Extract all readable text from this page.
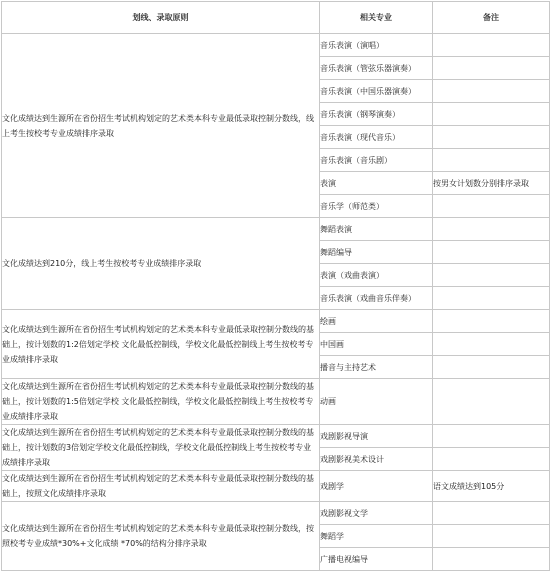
划线、录取原则	相关专业	备注
文化成绩达到生源所在省份招生考试机构划定的艺术类本科专业最低录取控制分数线，线上考生按校考专业成绩排序录取	音乐表演（演唱）	
	音乐表演（管弦乐器演奏）	
	音乐表演（中国乐器演奏）	
	音乐表演（钢琴演奏）	
	音乐表演（现代音乐）	
	音乐表演（音乐剧）	
	表演	按男女计划数分别排序录取
	音乐学（师范类）	
文化成绩达到210分，线上考生按校考专业成绩排序录取	舞蹈表演	
	舞蹈编导	
	表演（戏曲表演）	
	音乐表演（戏曲音乐伴奏）	
文化成绩达到生源所在省份招生考试机构划定的艺术类本科专业最低录取控制分数线的基础上，按计划数的1:2倍划定学校 文化最低控制线，学校文化最低控制线上考生按校考专业成绩排序录取	绘画	
	中国画	
	播音与主持艺术	
文化成绩达到生源所在省份招生考试机构划定的艺术类本科专业最低录取控制分数线的基础上，按计划数的1:5倍划定学校 文化最低控制线，学校文化最低控制线上考生按校考专业成绩排序录取	动画	
文化成绩达到生源所在省份招生考试机构划定的艺术类本科专业最低录取控制分数线的基础上，按计划数的3倍划定学校文化最低控制线，学校文化最低控制线上考生按校考专业成绩排序录取	戏剧影视导演	
	戏剧影视美术设计	
文化成绩达到生源所在省份招生考试机构划定的艺术类本科专业最低录取控制分数线的基础上，按照文化成绩排序录取	戏剧学	语文成绩达到105分
文化成绩达到生源所在省份招生考试机构划定的艺术类本科专业最低录取控制分数线，按照校考专业成绩*30%+文化成绩 *70%的结构分排序录取	戏剧影视文学	
	舞蹈学	
	广播电视编导	
